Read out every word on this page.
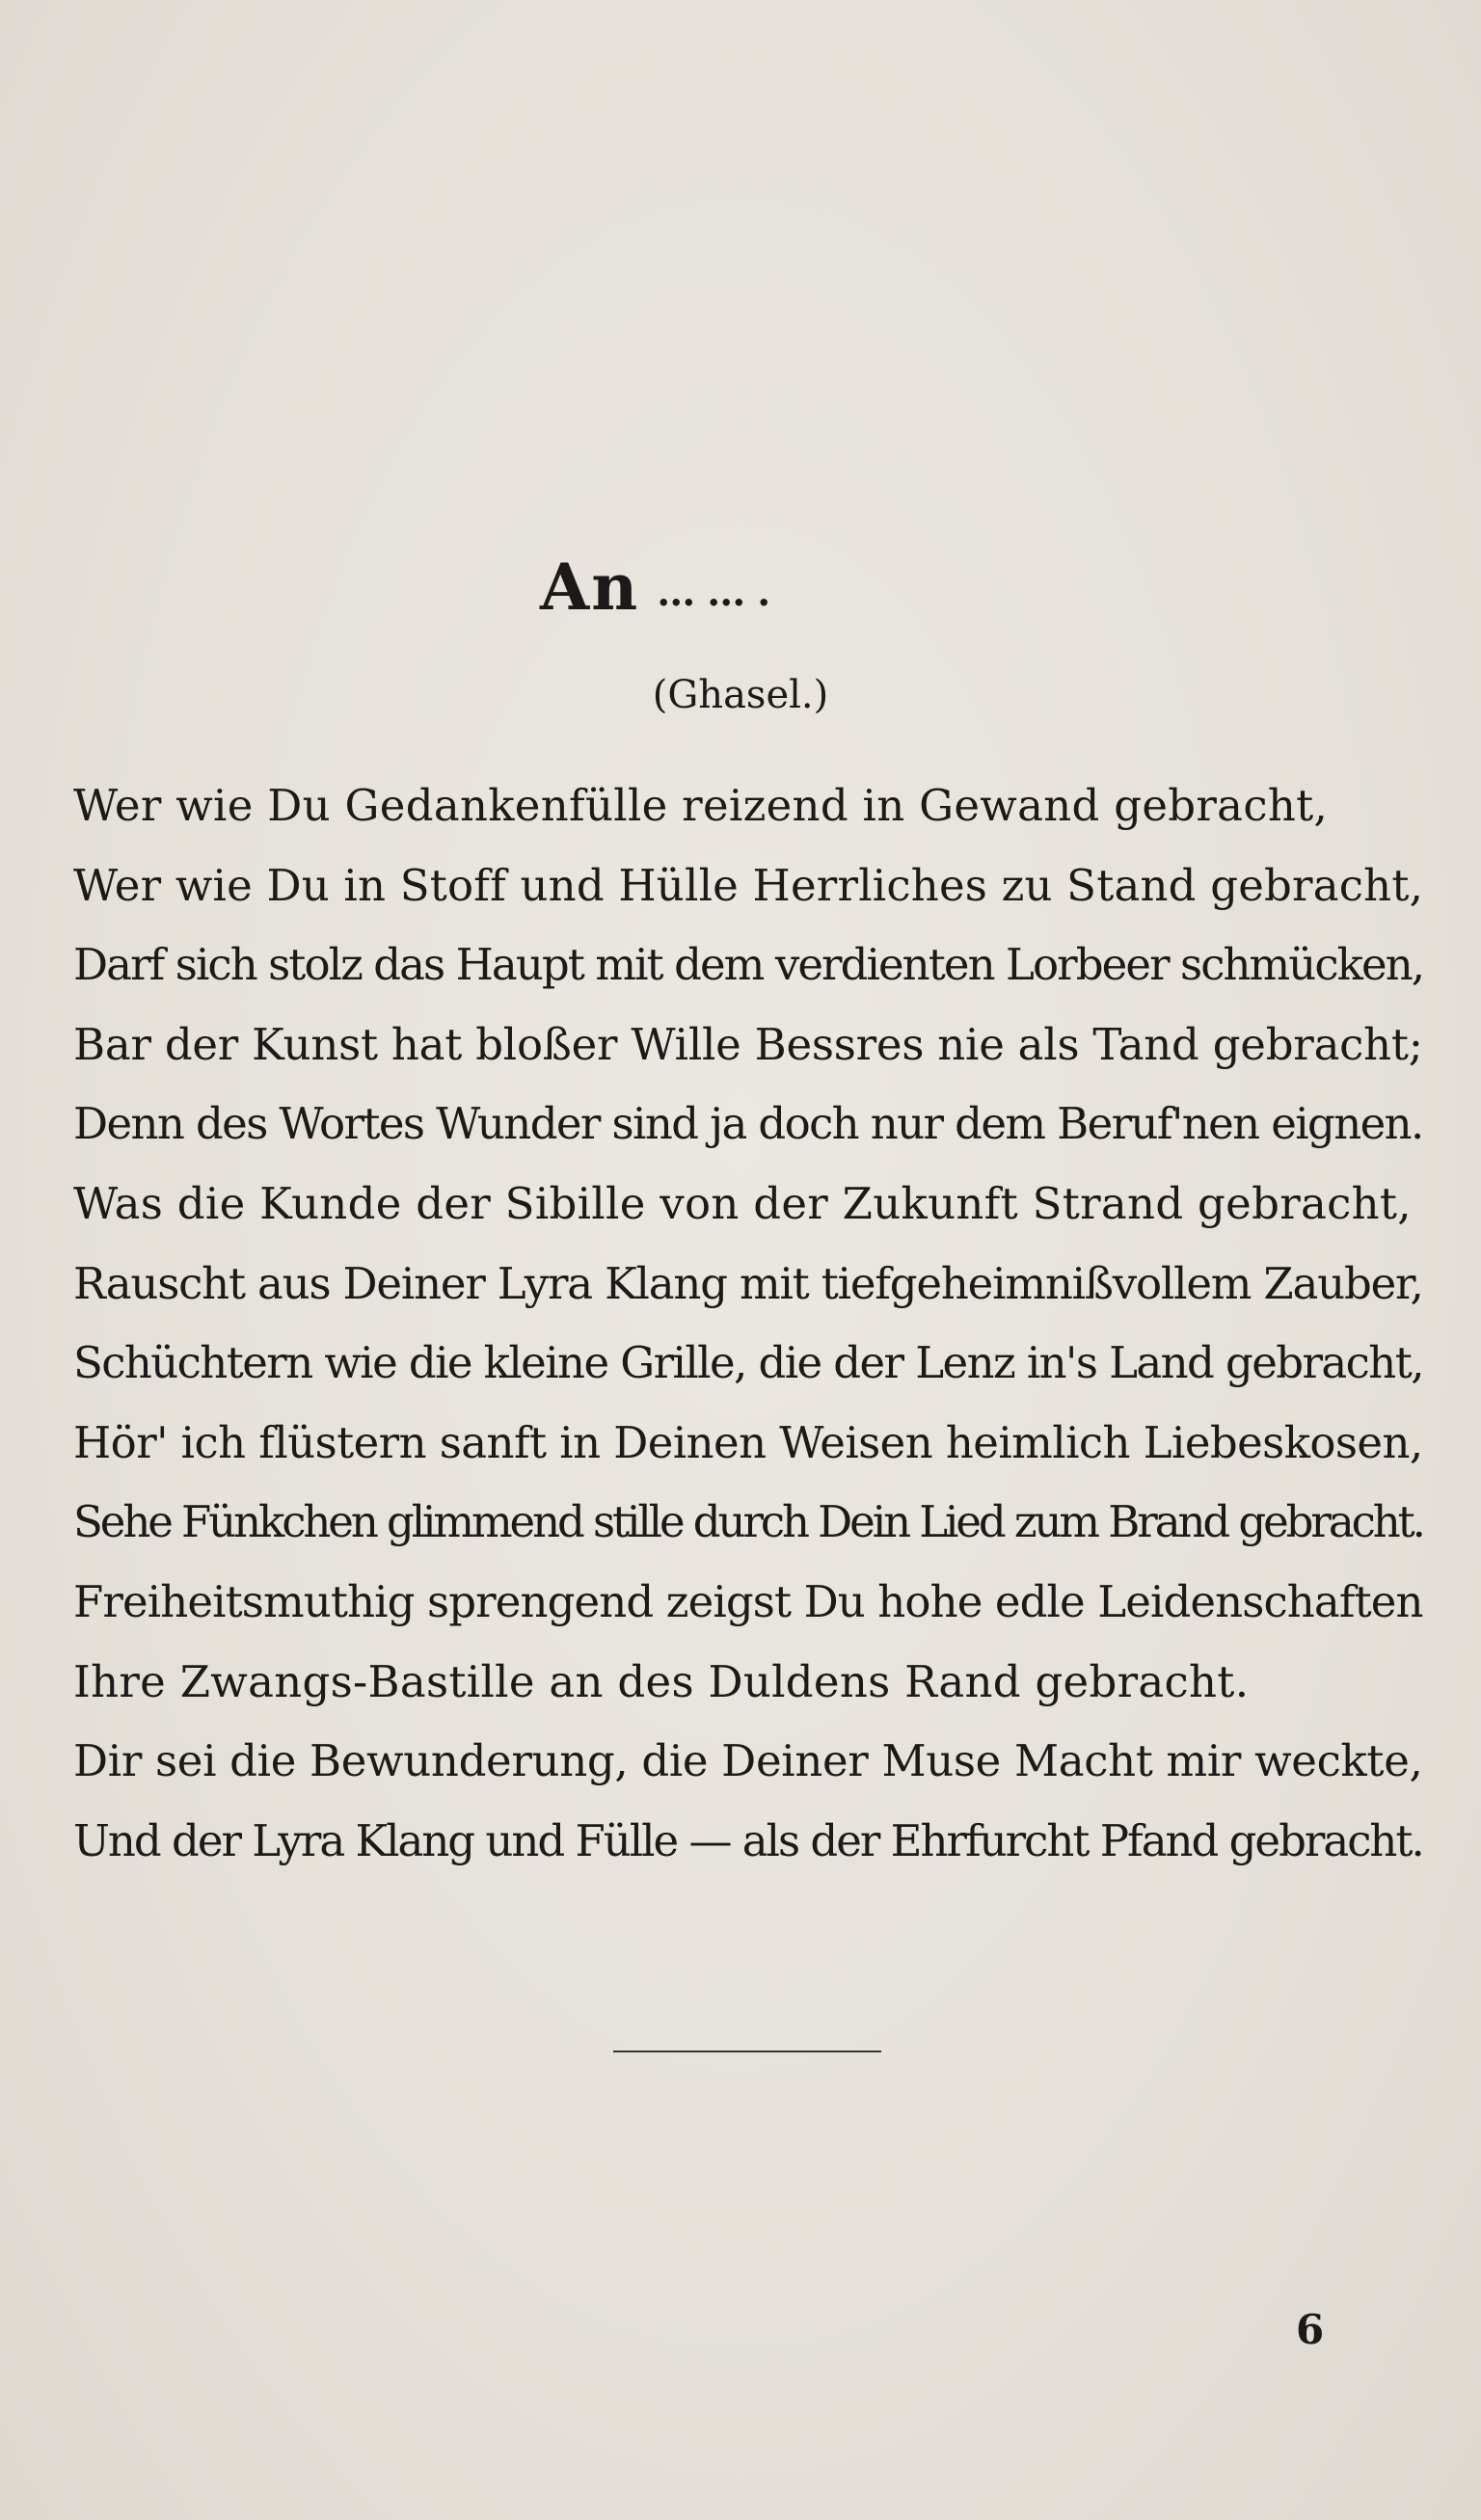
An …….
(Ghasel.)
Wer wie Du Gedankenfülle reizend in Gewand gebracht,
Wer wie Du in Stoff und Hülle Herrliches zu Stand gebracht,
Darf sich stolz das Haupt mit dem verdienten Lorbeer schmücken,
Bar der Kunst hat bloßer Wille Bessres nie als Tand gebracht;
Denn des Wortes Wunder sind ja doch nur dem Beruf'nen eignen.
Was die Kunde der Sibille von der Zukunft Strand gebracht,
Rauscht aus Deiner Lyra Klang mit tiefgeheimnißvollem Zauber,
Schüchtern wie die kleine Grille, die der Lenz in's Land gebracht,
Hör' ich flüstern sanft in Deinen Weisen heimlich Liebeskosen,
Sehe Fünkchen glimmend stille durch Dein Lied zum Brand gebracht.
Freiheitsmuthig sprengend zeigst Du hohe edle Leidenschaften
Ihre Zwangs-Bastille an des Duldens Rand gebracht.
Dir sei die Bewunderung, die Deiner Muse Macht mir weckte,
Und der Lyra Klang und Fülle — als der Ehrfurcht Pfand gebracht.
6
